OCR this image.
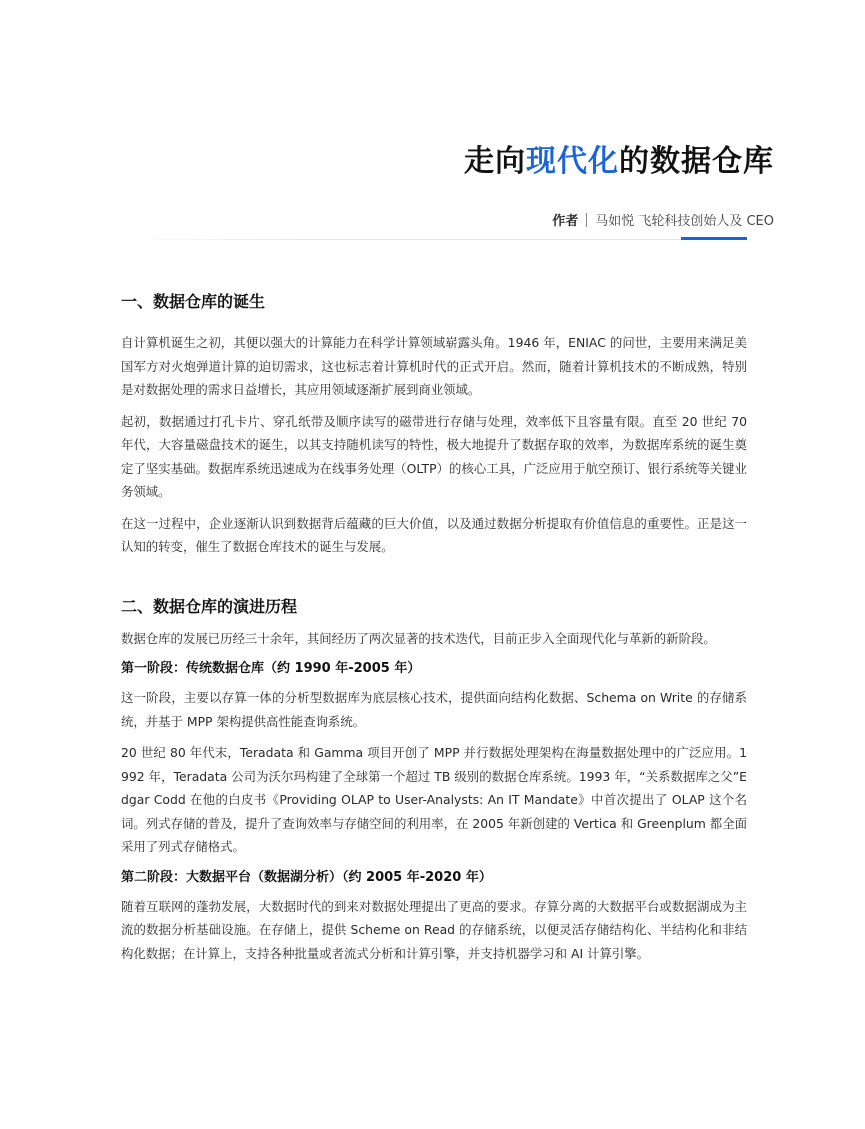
走向现代化的数据仓库
作者 马如悦 飞轮科技创始人及 CEO
一、数据仓库的诞生

自计算机诞生之初，其便以强大的计算能力在科学计算领域崭露头角。1946 年，ENIAC 的问世，主要用来满足美国军方对火炮弹道计算的迫切需求，这也标志着计算机时代的正式开启。然而，随着计算机技术的不断成熟，特别是对数据处理的需求日益增长，其应用领域逐渐扩展到商业领域。

起初，数据通过打孔卡片、穿孔纸带及顺序读写的磁带进行存储与处理，效率低下且容量有限。直至 20 世纪 70 年代，大容量磁盘技术的诞生，以其支持随机读写的特性，极大地提升了数据存取的效率，为数据库系统的诞生奠定了坚实基础。数据库系统迅速成为在线事务处理（OLTP）的核心工具，广泛应用于航空预订、银行系统等关键业务领域。

在这一过程中，企业逐渐认识到数据背后蕴藏的巨大价值，以及通过数据分析提取有价值信息的重要性。正是这一认知的转变，催生了数据仓库技术的诞生与发展。

二、数据仓库的演进历程

数据仓库的发展已历经三十余年，其间经历了两次显著的技术迭代，目前正步入全面现代化与革新的新阶段。

第一阶段：传统数据仓库（约 1990 年-2005 年）

这一阶段，主要以存算一体的分析型数据库为底层核心技术，提供面向结构化数据、Schema on Write 的存储系统，并基于 MPP 架构提供高性能查询系统。

20 世纪 80 年代末，Teradata 和 Gamma 项目开创了 MPP 并行数据处理架构在海量数据处理中的广泛应用。1992 年，Teradata 公司为沃尔玛构建了全球第一个超过 TB 级别的数据仓库系统。1993 年，“关系数据库之父”Edgar Codd 在他的白皮书《Providing OLAP to User-Analysts: An IT Mandate》中首次提出了 OLAP 这个名词。列式存储的普及，提升了查询效率与存储空间的利用率，在 2005 年新创建的 Vertica 和 Greenplum 都全面采用了列式存储格式。

第二阶段：大数据平台（数据湖分析）（约 2005 年-2020 年）

随着互联网的蓬勃发展，大数据时代的到来对数据处理提出了更高的要求。存算分离的大数据平台或数据湖成为主流的数据分析基础设施。在存储上，提供 Scheme on Read 的存储系统，以便灵活存储结构化、半结构化和非结构化数据；在计算上，支持各种批量或者流式分析和计算引擎，并支持机器学习和 AI 计算引擎。
